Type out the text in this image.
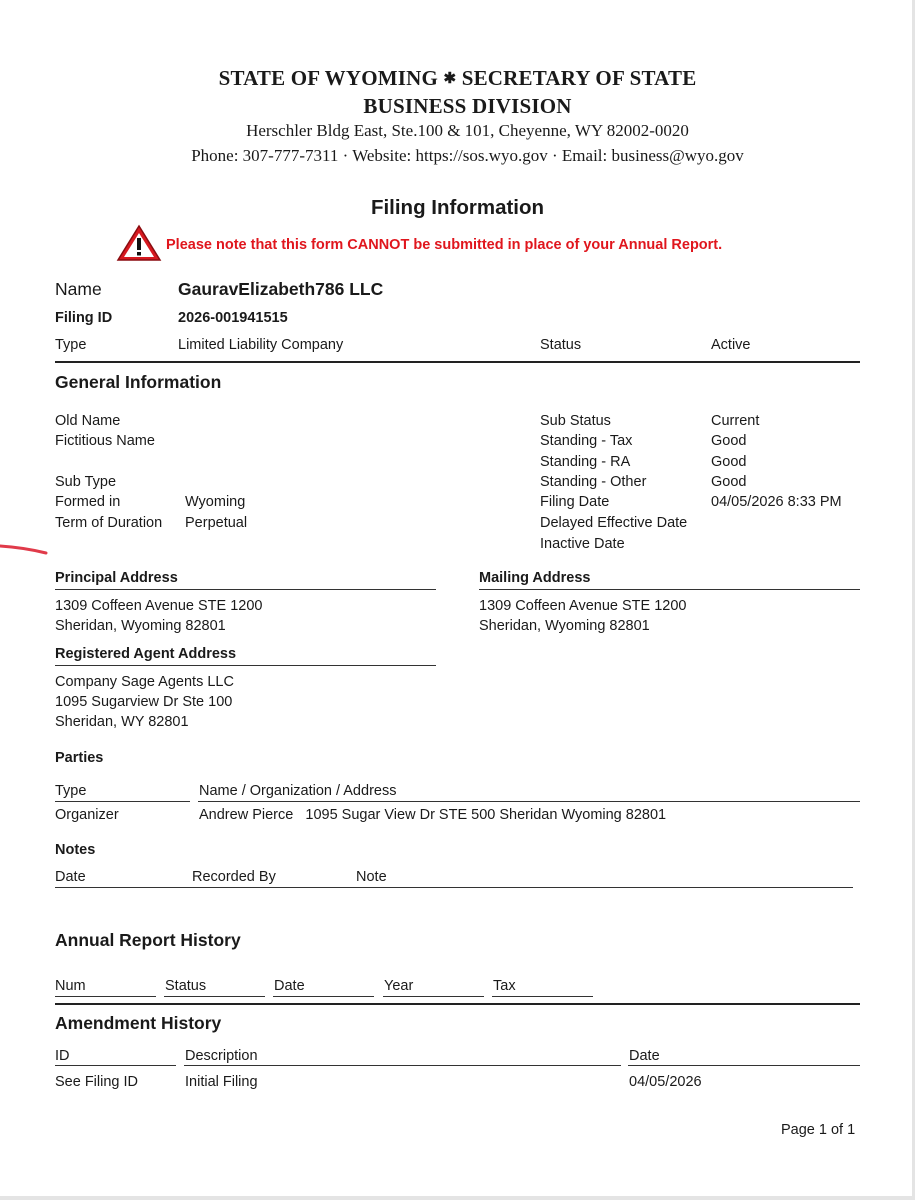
STATE OF WYOMING ✱ SECRETARY OF STATE
BUSINESS DIVISION
Herschler Bldg East, Ste.100 & 101, Cheyenne, WY 82002-0020
Phone: 307-777-7311 · Website: https://sos.wyo.gov · Email: business@wyo.gov
Filing Information
Please note that this form CANNOT be submitted in place of your Annual Report.
Name	GauravElizabeth786 LLC
Filing ID	2026-001941515
Type	Limited Liability Company	Status	Active
General Information
Old Name
Fictitious Name
Sub Type
Formed in	Wyoming
Term of Duration Perpetual
Sub Status	Current
Standing - Tax	Good
Standing - RA	Good
Standing - Other	Good
Filing Date	04/05/2026 8:33 PM
Delayed Effective Date
Inactive Date
Principal Address
1309 Coffeen Avenue STE 1200
Sheridan, Wyoming 82801
Mailing Address
1309 Coffeen Avenue STE 1200
Sheridan, Wyoming 82801
Registered Agent Address
Company Sage Agents LLC
1095 Sugarview Dr Ste 100
Sheridan, WY 82801
Parties
Type	Name / Organization / Address
Organizer	Andrew Pierce 1095 Sugar View Dr STE 500 Sheridan Wyoming 82801
Notes
Date	Recorded By	Note
Annual Report History
Num	Status	Date	Year	Tax
Amendment History
ID	Description	Date
See Filing ID	Initial Filing	04/05/2026
Page 1 of 1
